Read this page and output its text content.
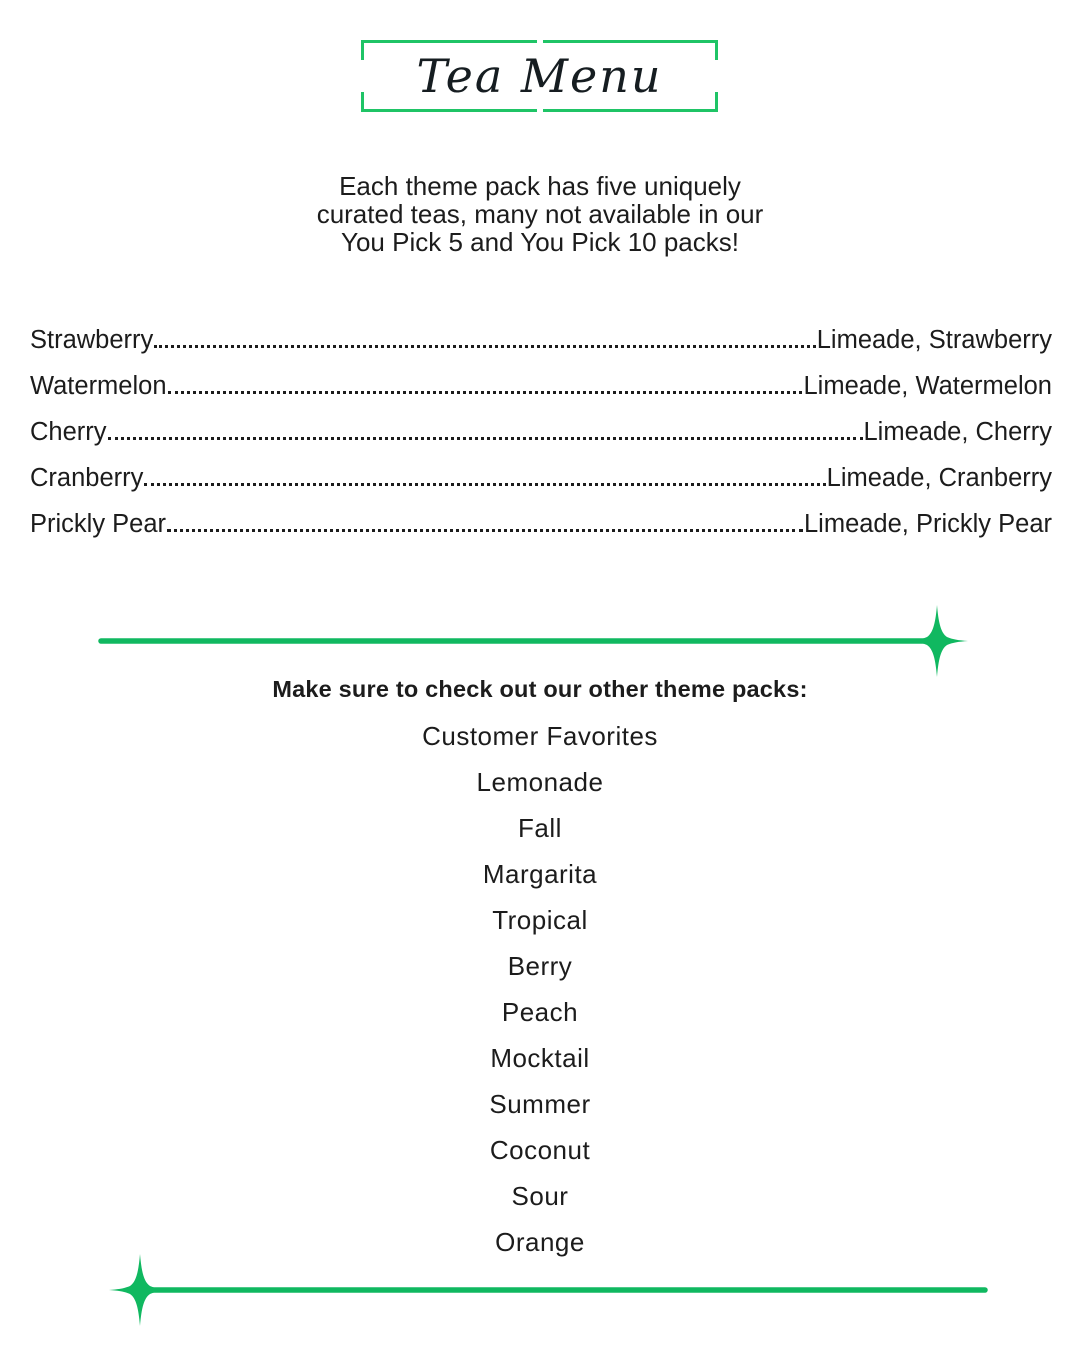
Tea Menu
Each theme pack has five uniquely
curated teas, many not available in our
You Pick 5 and You Pick 10 packs!
Strawberry	Limeade, Strawberry
Watermelon	Limeade, Watermelon
Cherry	Limeade, Cherry
Cranberry	Limeade, Cranberry
Prickly Pear	Limeade, Prickly Pear
Make sure to check out our other theme packs:
Customer Favorites
Lemonade
Fall
Margarita
Tropical
Berry
Peach
Mocktail
Summer
Coconut
Sour
Orange
